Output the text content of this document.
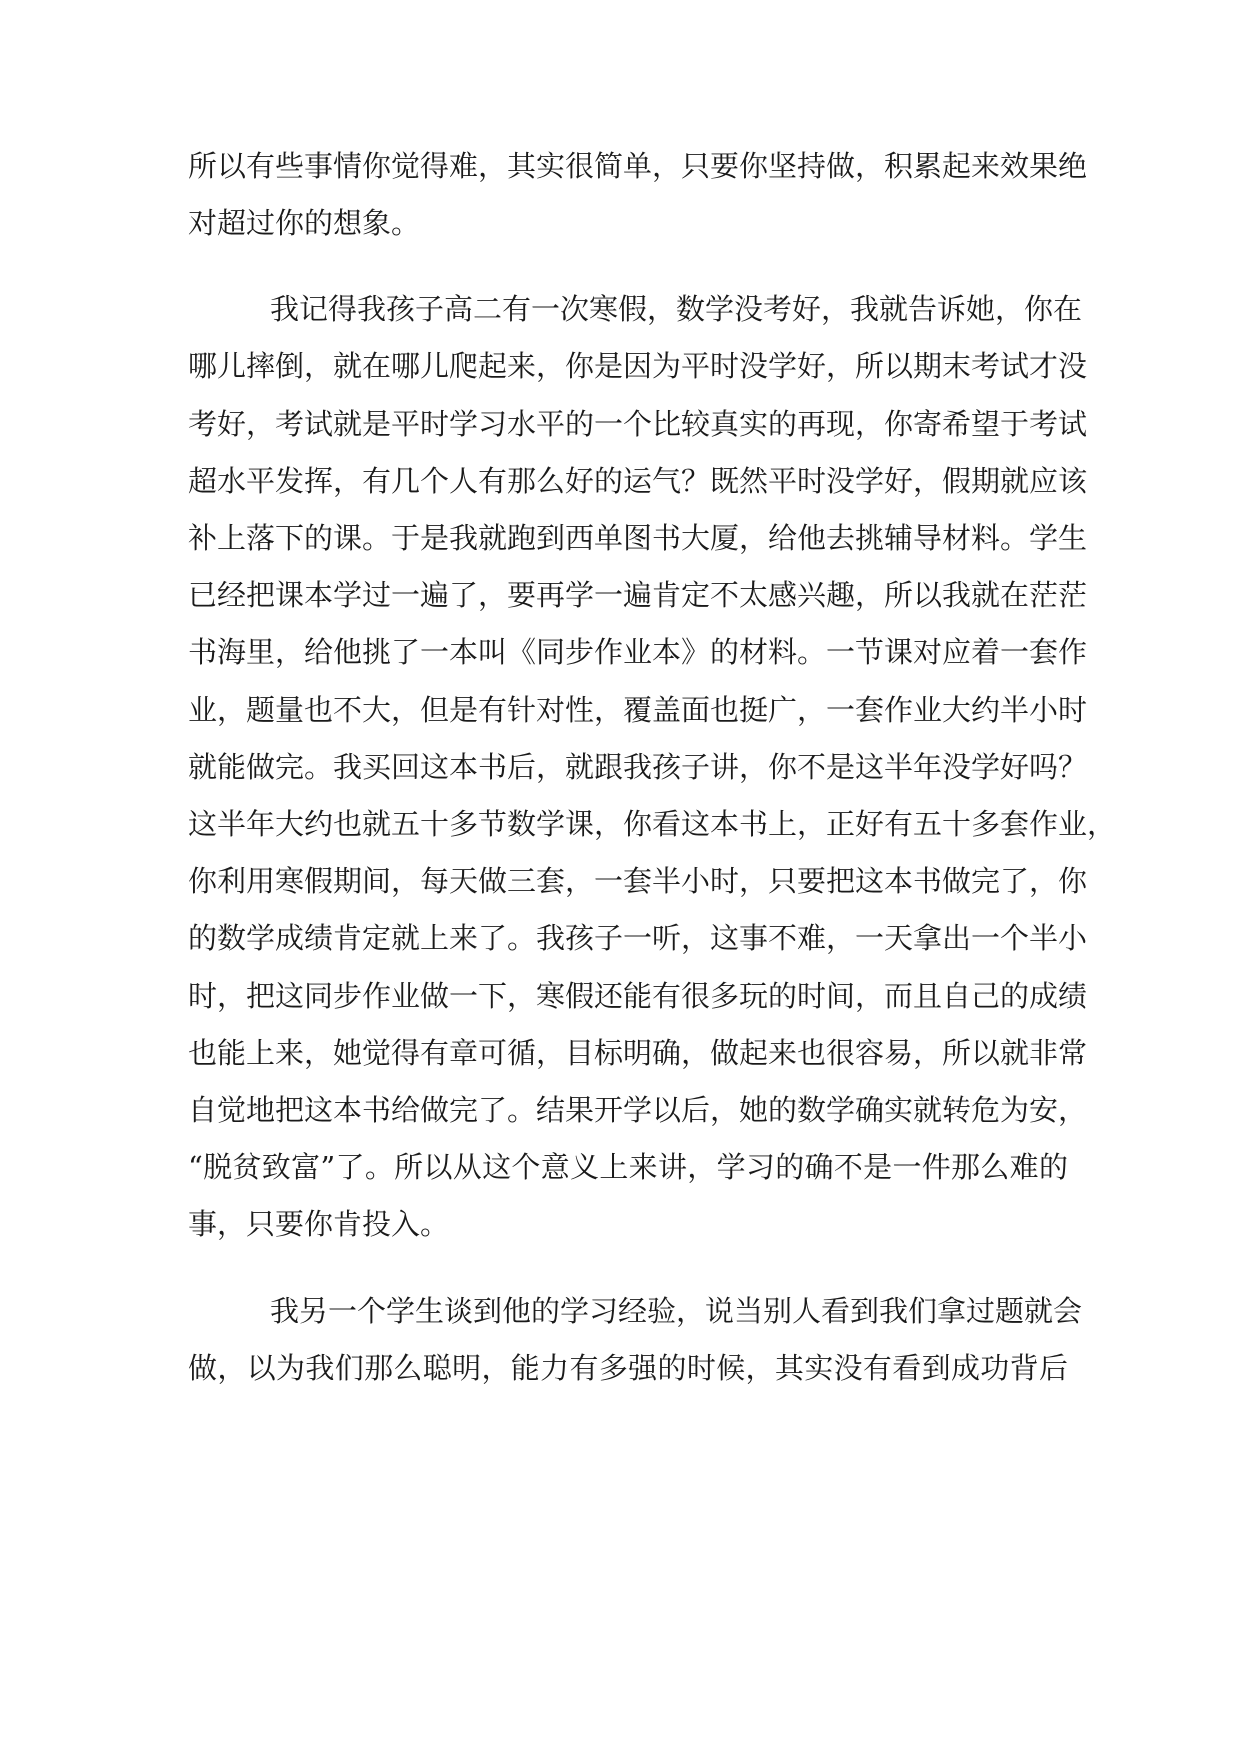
所以有些事情你觉得难，其实很简单，只要你坚持做，积累起来效果绝
对超过你的想象。
我记得我孩子高二有一次寒假，数学没考好，我就告诉她，你在
哪儿摔倒，就在哪儿爬起来，你是因为平时没学好，所以期末考试才没
考好，考试就是平时学习水平的一个比较真实的再现，你寄希望于考试
超水平发挥，有几个人有那么好的运气？既然平时没学好，假期就应该
补上落下的课。于是我就跑到西单图书大厦，给他去挑辅导材料。学生
已经把课本学过一遍了，要再学一遍肯定不太感兴趣，所以我就在茫茫
书海里，给他挑了一本叫《同步作业本》的材料。一节课对应着一套作
业，题量也不大，但是有针对性，覆盖面也挺广，一套作业大约半小时
就能做完。我买回这本书后，就跟我孩子讲，你不是这半年没学好吗？
这半年大约也就五十多节数学课，你看这本书上，正好有五十多套作业，
你利用寒假期间，每天做三套，一套半小时，只要把这本书做完了，你
的数学成绩肯定就上来了。我孩子一听，这事不难，一天拿出一个半小
时，把这同步作业做一下，寒假还能有很多玩的时间，而且自己的成绩
也能上来，她觉得有章可循，目标明确，做起来也很容易，所以就非常
自觉地把这本书给做完了。结果开学以后，她的数学确实就转危为安，
“脱贫致富”了。所以从这个意义上来讲，学习的确不是一件那么难的
事，只要你肯投入。
我另一个学生谈到他的学习经验，说当别人看到我们拿过题就会
做，以为我们那么聪明，能力有多强的时候，其实没有看到成功背后
